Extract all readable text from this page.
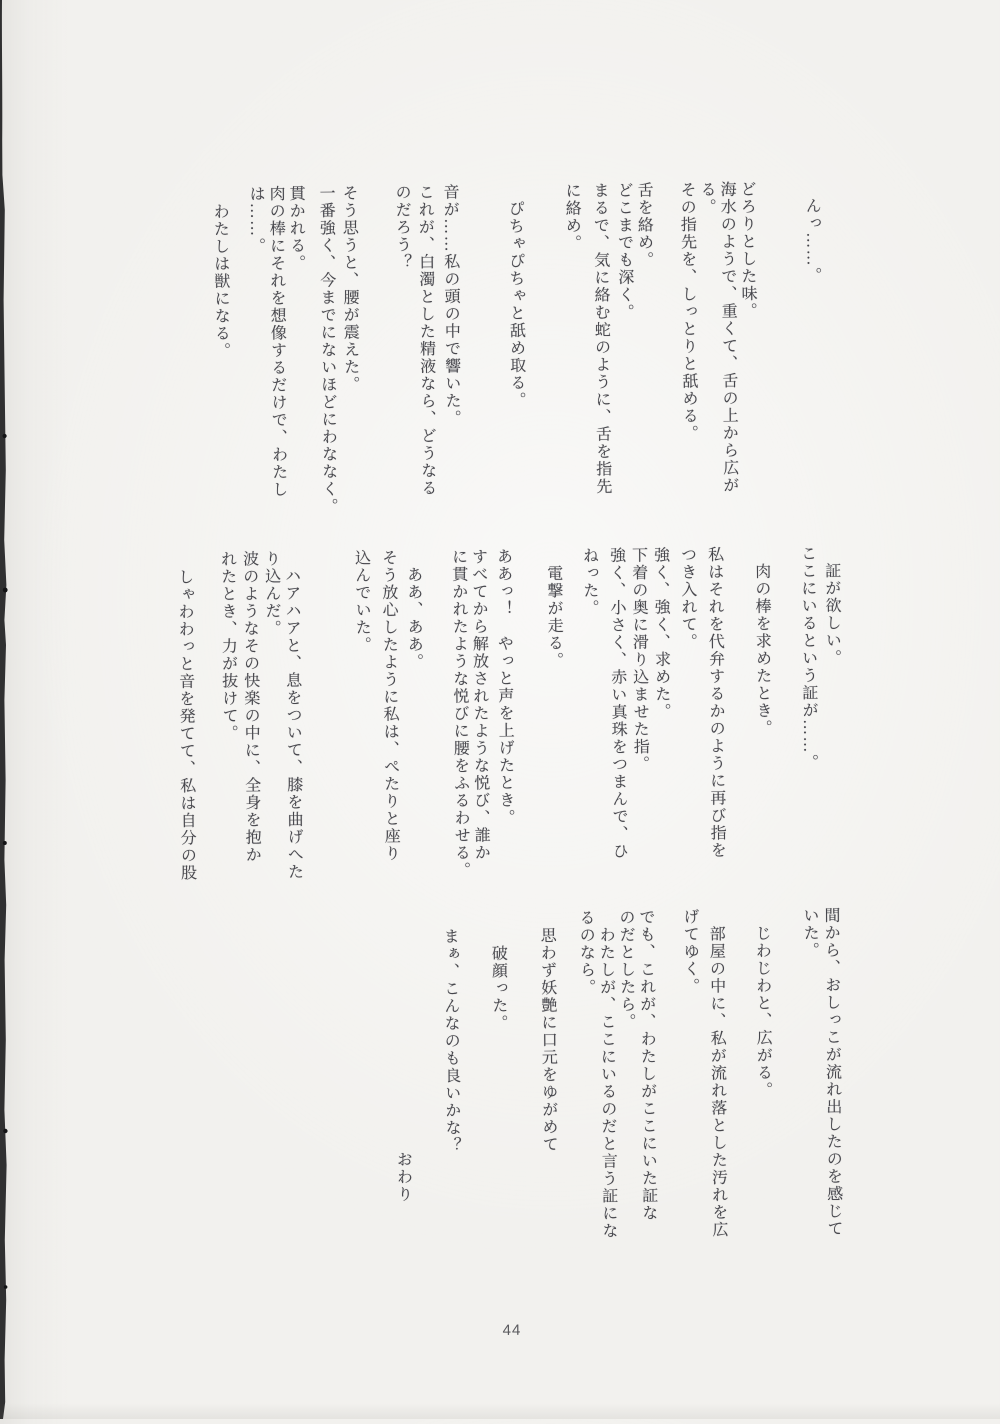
　んっ……。
どろりとした味。
海水のようで、重くて、舌の上から広が
る。
その指先を、しっとりと舐める。
舌を絡め。
どこまでも深く。
まるで、気に絡む蛇のように、舌を指先
に絡め。
　ぴちゃぴちゃと舐め取る。
音が……私の頭の中で響いた。
これが、白濁とした精液なら、どうなる
のだろう？
そう思うと、腰が震えた。
一番強く、今までにないほどにわななく。
貫かれる。
肉の棒にそれを想像するだけで、わたし
は……。
　わたしは獣になる。
　証が欲しい。
ここにいるという証が……。
　肉の棒を求めたとき。
私はそれを代弁するかのように再び指を
つき入れて。
強く、強く、求めた。
下着の奥に滑り込ませた指。
強く、小さく、赤い真珠をつまんで、ひ
ねった。
　電撃が走る。
ああっ！　やっと声を上げたとき。
すべてから解放されたような悦び、誰か
に貫かれたような悦びに腰をふるわせる。
　ああ、ああ。
そう放心したように私は、ぺたりと座り
込んでいた。
　ハアハアと、息をついて、膝を曲げへた
り込んだ。
波のようなその快楽の中に、全身を抱か
れたとき、力が抜けて。
　しゃわわっと音を発てて、私は自分の股
間から、おしっこが流れ出したのを感じて
いた。
　じわじわと、広がる。
　部屋の中に、私が流れ落とした汚れを広
げてゆく。
でも、これが、わたしがここにいた証な
のだとしたら。
　わたしが、ここにいるのだと言う証にな
るのなら。
　思わず妖艶に口元をゆがめて
　　破顔った。
　まぁ、こんなのも良いかな？
おわり
44
